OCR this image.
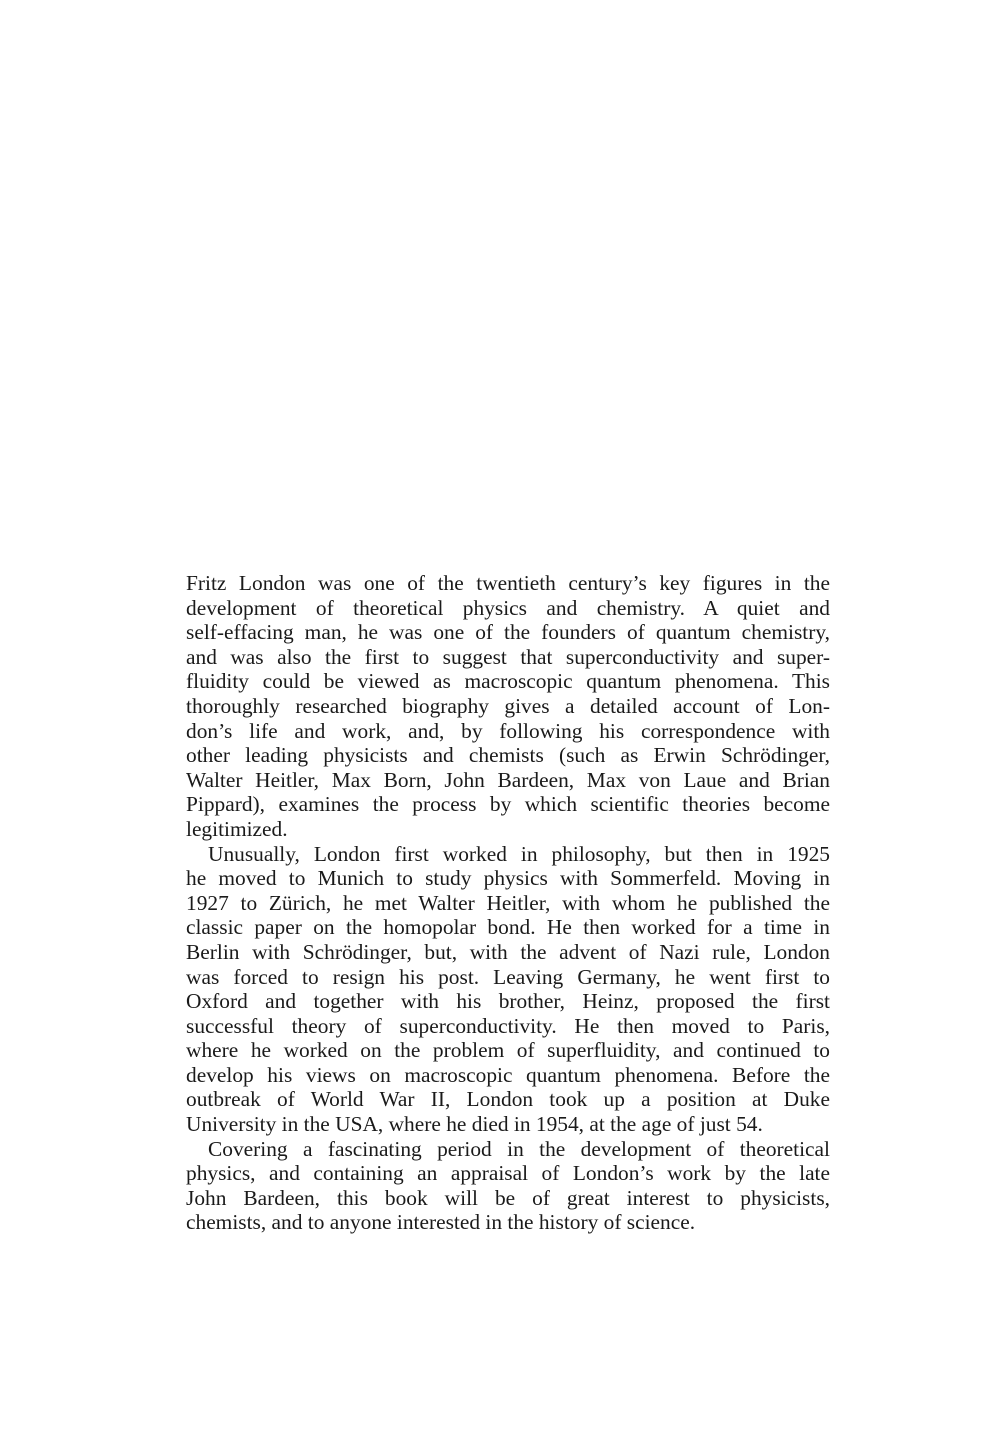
Fritz London was one of the twentieth century’s key figures in the
development of theoretical physics and chemistry. A quiet and
self-effacing man, he was one of the founders of quantum chemistry,
and was also the first to suggest that superconductivity and super-
fluidity could be viewed as macroscopic quantum phenomena. This
thoroughly researched biography gives a detailed account of Lon-
don’s life and work, and, by following his correspondence with
other leading physicists and chemists (such as Erwin Schrödinger,
Walter Heitler, Max Born, John Bardeen, Max von Laue and Brian
Pippard), examines the process by which scientific theories become
legitimized.
Unusually, London first worked in philosophy, but then in 1925
he moved to Munich to study physics with Sommerfeld. Moving in
1927 to Zürich, he met Walter Heitler, with whom he published the
classic paper on the homopolar bond. He then worked for a time in
Berlin with Schrödinger, but, with the advent of Nazi rule, London
was forced to resign his post. Leaving Germany, he went first to
Oxford and together with his brother, Heinz, proposed the first
successful theory of superconductivity. He then moved to Paris,
where he worked on the problem of superfluidity, and continued to
develop his views on macroscopic quantum phenomena. Before the
outbreak of World War II, London took up a position at Duke
University in the USA, where he died in 1954, at the age of just 54.
Covering a fascinating period in the development of theoretical
physics, and containing an appraisal of London’s work by the late
John Bardeen, this book will be of great interest to physicists,
chemists, and to anyone interested in the history of science.
